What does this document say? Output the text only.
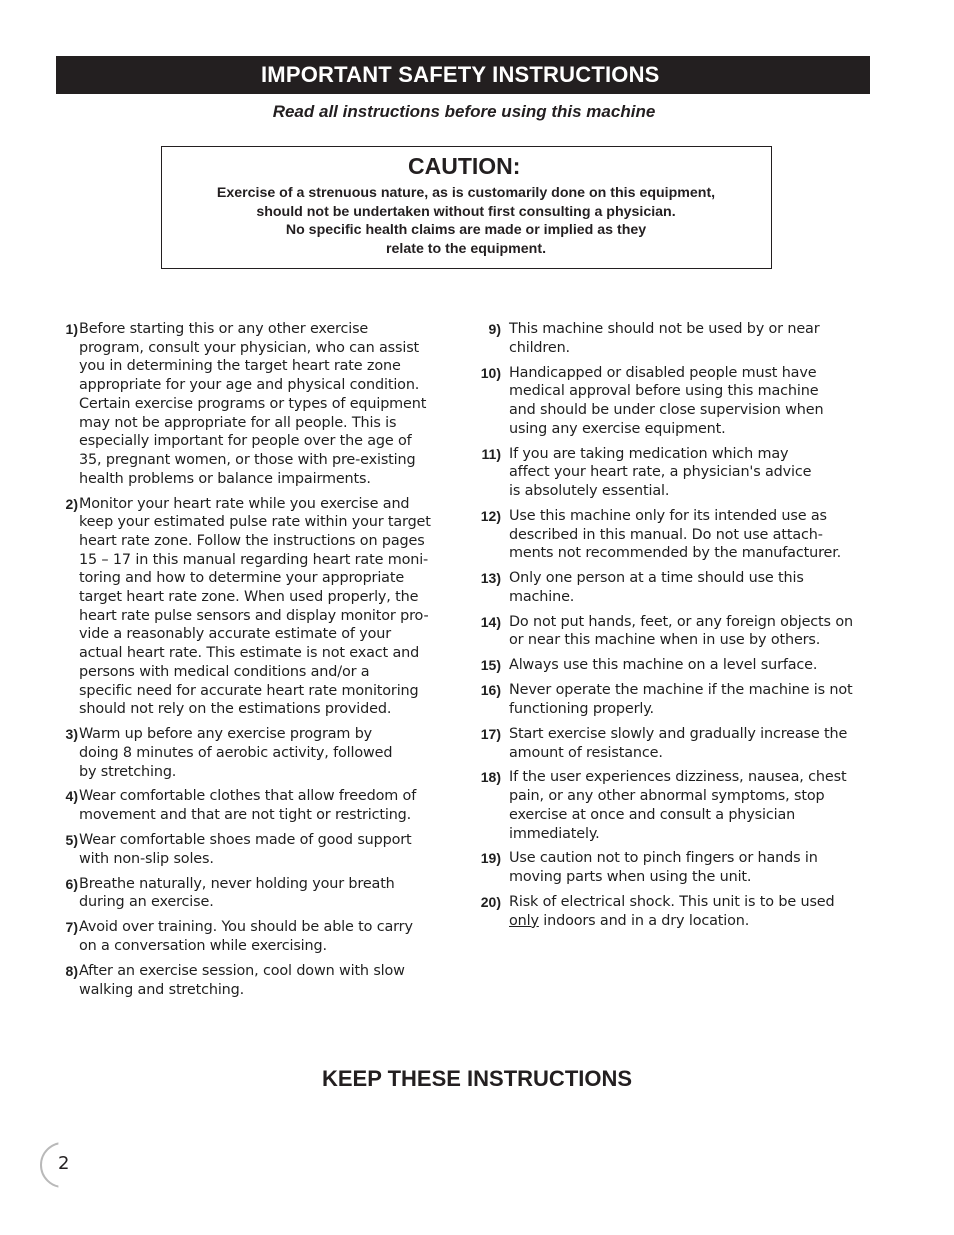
IMPORTANT SAFETY INSTRUCTIONS

Read all instructions before using this machine

CAUTION:
Exercise of a strenuous nature, as is customarily done on this equipment,
should not be undertaken without first consulting a physician.
No specific health claims are made or implied as they
relate to the equipment.
1) Before starting this or any other exercise
program, consult your physician, who can assist
you in determining the target heart rate zone
appropriate for your age and physical condition.
Certain exercise programs or types of equipment
may not be appropriate for all people. This is
especially important for people over the age of
35, pregnant women, or those with pre-existing
health problems or balance impairments.
2) Monitor your heart rate while you exercise and
keep your estimated pulse rate within your target
heart rate zone. Follow the instructions on pages
15 – 17 in this manual regarding heart rate moni-
toring and how to determine your appropriate
target heart rate zone. When used properly, the
heart rate pulse sensors and display monitor pro-
vide a reasonably accurate estimate of your
actual heart rate. This estimate is not exact and
persons with medical conditions and/or a
specific need for accurate heart rate monitoring
should not rely on the estimations provided.
3) Warm up before any exercise program by
doing 8 minutes of aerobic activity, followed
by stretching.
4) Wear comfortable clothes that allow freedom of
movement and that are not tight or restricting.
5) Wear comfortable shoes made of good support
with non-slip soles.
6) Breathe naturally, never holding your breath
during an exercise.
7) Avoid over training. You should be able to carry
on a conversation while exercising.
8) After an exercise session, cool down with slow
walking and stretching.
9) This machine should not be used by or near
children.
10) Handicapped or disabled people must have
medical approval before using this machine
and should be under close supervision when
using any exercise equipment.
11) If you are taking medication which may
affect your heart rate, a physician's advice
is absolutely essential.
12) Use this machine only for its intended use as
described in this manual. Do not use attach-
ments not recommended by the manufacturer.
13) Only one person at a time should use this
machine.
14) Do not put hands, feet, or any foreign objects on
or near this machine when in use by others.
15) Always use this machine on a level surface.
16) Never operate the machine if the machine is not
functioning properly.
17) Start exercise slowly and gradually increase the
amount of resistance.
18) If the user experiences dizziness, nausea, chest
pain, or any other abnormal symptoms, stop
exercise at once and consult a physician
immediately.
19) Use caution not to pinch fingers or hands in
moving parts when using the unit.
20) Risk of electrical shock. This unit is to be used
only indoors and in a dry location.
KEEP THESE INSTRUCTIONS

2
